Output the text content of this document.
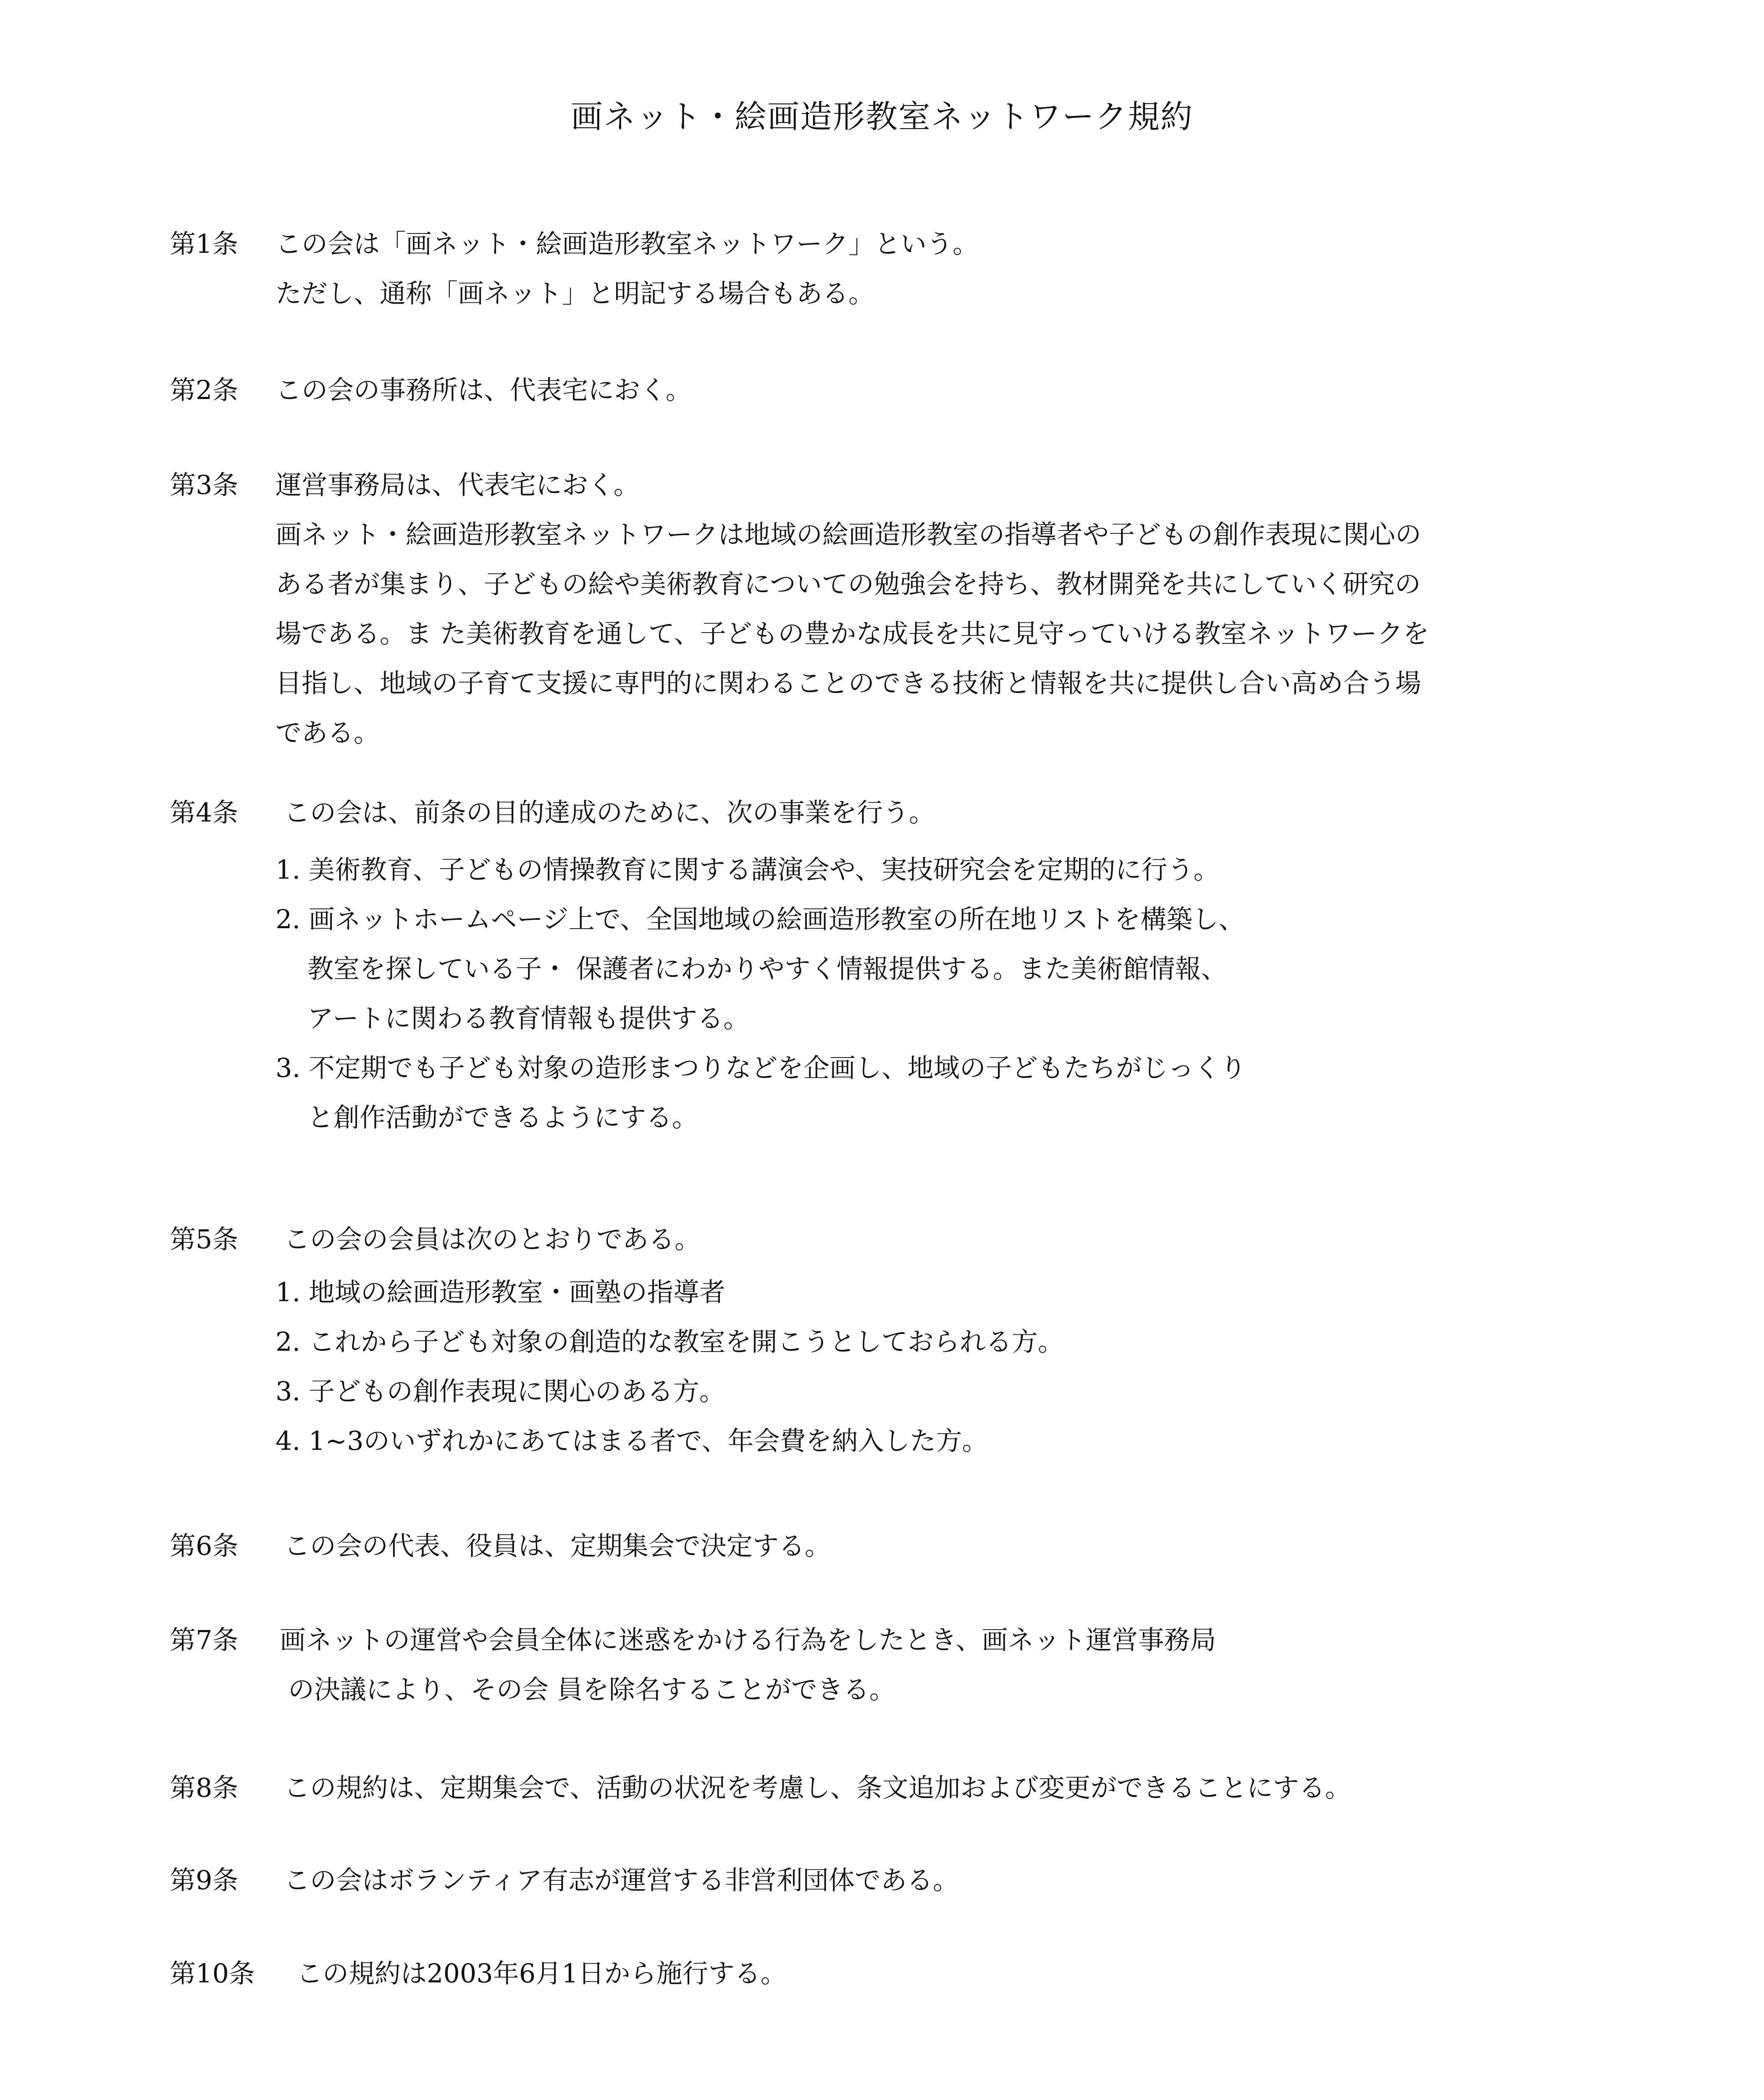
画ネット・絵画造形教室ネットワーク規約
第1条 この会は「画ネット・絵画造形教室ネットワーク」という。
ただし、通称「画ネット」と明記する場合もある。
第2条 この会の事務所は、代表宅におく。
第3条 運営事務局は、代表宅におく。
画ネット・絵画造形教室ネットワークは地域の絵画造形教室の指導者や子どもの創作表現に関心の
ある者が集まり、子どもの絵や美術教育についての勉強会を持ち、教材開発を共にしていく研究の
場である。ま た美術教育を通して、子どもの豊かな成長を共に見守っていける教室ネットワークを
目指し、地域の子育て支援に専門的に関わることのできる技術と情報を共に提供し合い高め合う場
である。
第4条 この会は、前条の目的達成のために、次の事業を行う。
1. 美術教育、子どもの情操教育に関する講演会や、実技研究会を定期的に行う。
2. 画ネットホームページ上で、全国地域の絵画造形教室の所在地リストを構築し、
教室を探している子・ 保護者にわかりやすく情報提供する。また美術館情報、
アートに関わる教育情報も提供する。
3. 不定期でも子ども対象の造形まつりなどを企画し、地域の子どもたちがじっくり
と創作活動ができるようにする。
第5条 この会の会員は次のとおりである。
1. 地域の絵画造形教室・画塾の指導者
2. これから子ども対象の創造的な教室を開こうとしておられる方。
3. 子どもの創作表現に関心のある方。
4. 1~3のいずれかにあてはまる者で、年会費を納入した方。
第6条 この会の代表、役員は、定期集会で決定する。
第7条 画ネットの運営や会員全体に迷惑をかける行為をしたとき、画ネット運営事務局
の決議により、その会 員を除名することができる。
第8条 この規約は、定期集会で、活動の状況を考慮し、条文追加および変更ができることにする。
第9条 この会はボランティア有志が運営する非営利団体である。
第10条 この規約は2003年6月1日から施行する。
